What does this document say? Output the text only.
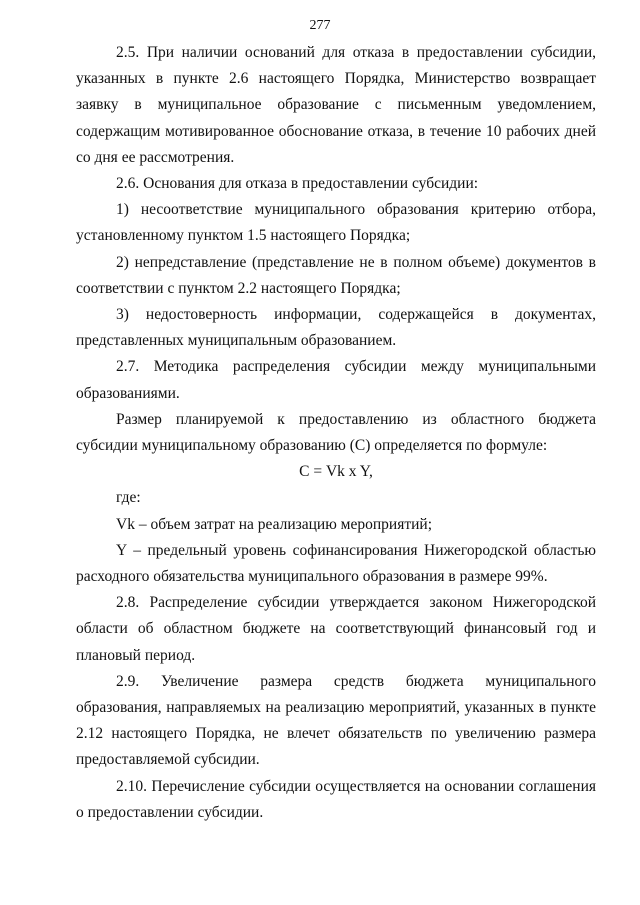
277

2.5. При наличии оснований для отказа в предоставлении субсидии, указанных в пункте 2.6 настоящего Порядка, Министерство возвращает заявку в муниципальное образование с письменным уведомлением, содержащим мотивированное обоснование отказа, в течение 10 рабочих дней со дня ее рассмотрения.

2.6. Основания для отказа в предоставлении субсидии:

1) несоответствие муниципального образования критерию отбора, установленному пунктом 1.5 настоящего Порядка;

2) непредставление (представление не в полном объеме) документов в соответствии с пунктом 2.2 настоящего Порядка;

3) недостоверность информации, содержащейся в документах, представленных муниципальным образованием.

2.7. Методика распределения субсидии между муниципальными образованиями.

Размер планируемой к предоставлению из областного бюджета субсидии муниципальному образованию (С) определяется по формуле:

С = Vk x Y,

где:

Vk – объем затрат на реализацию мероприятий;

Y – предельный уровень софинансирования Нижегородской областью расходного обязательства муниципального образования в размере 99%.

2.8. Распределение субсидии утверждается законом Нижегородской области об областном бюджете на соответствующий финансовый год и плановый период.

2.9. Увеличение размера средств бюджета муниципального образования, направляемых на реализацию мероприятий, указанных в пункте 2.12 настоящего Порядка, не влечет обязательств по увеличению размера предоставляемой субсидии.

2.10. Перечисление субсидии осуществляется на основании соглашения о предоставлении субсидии.
